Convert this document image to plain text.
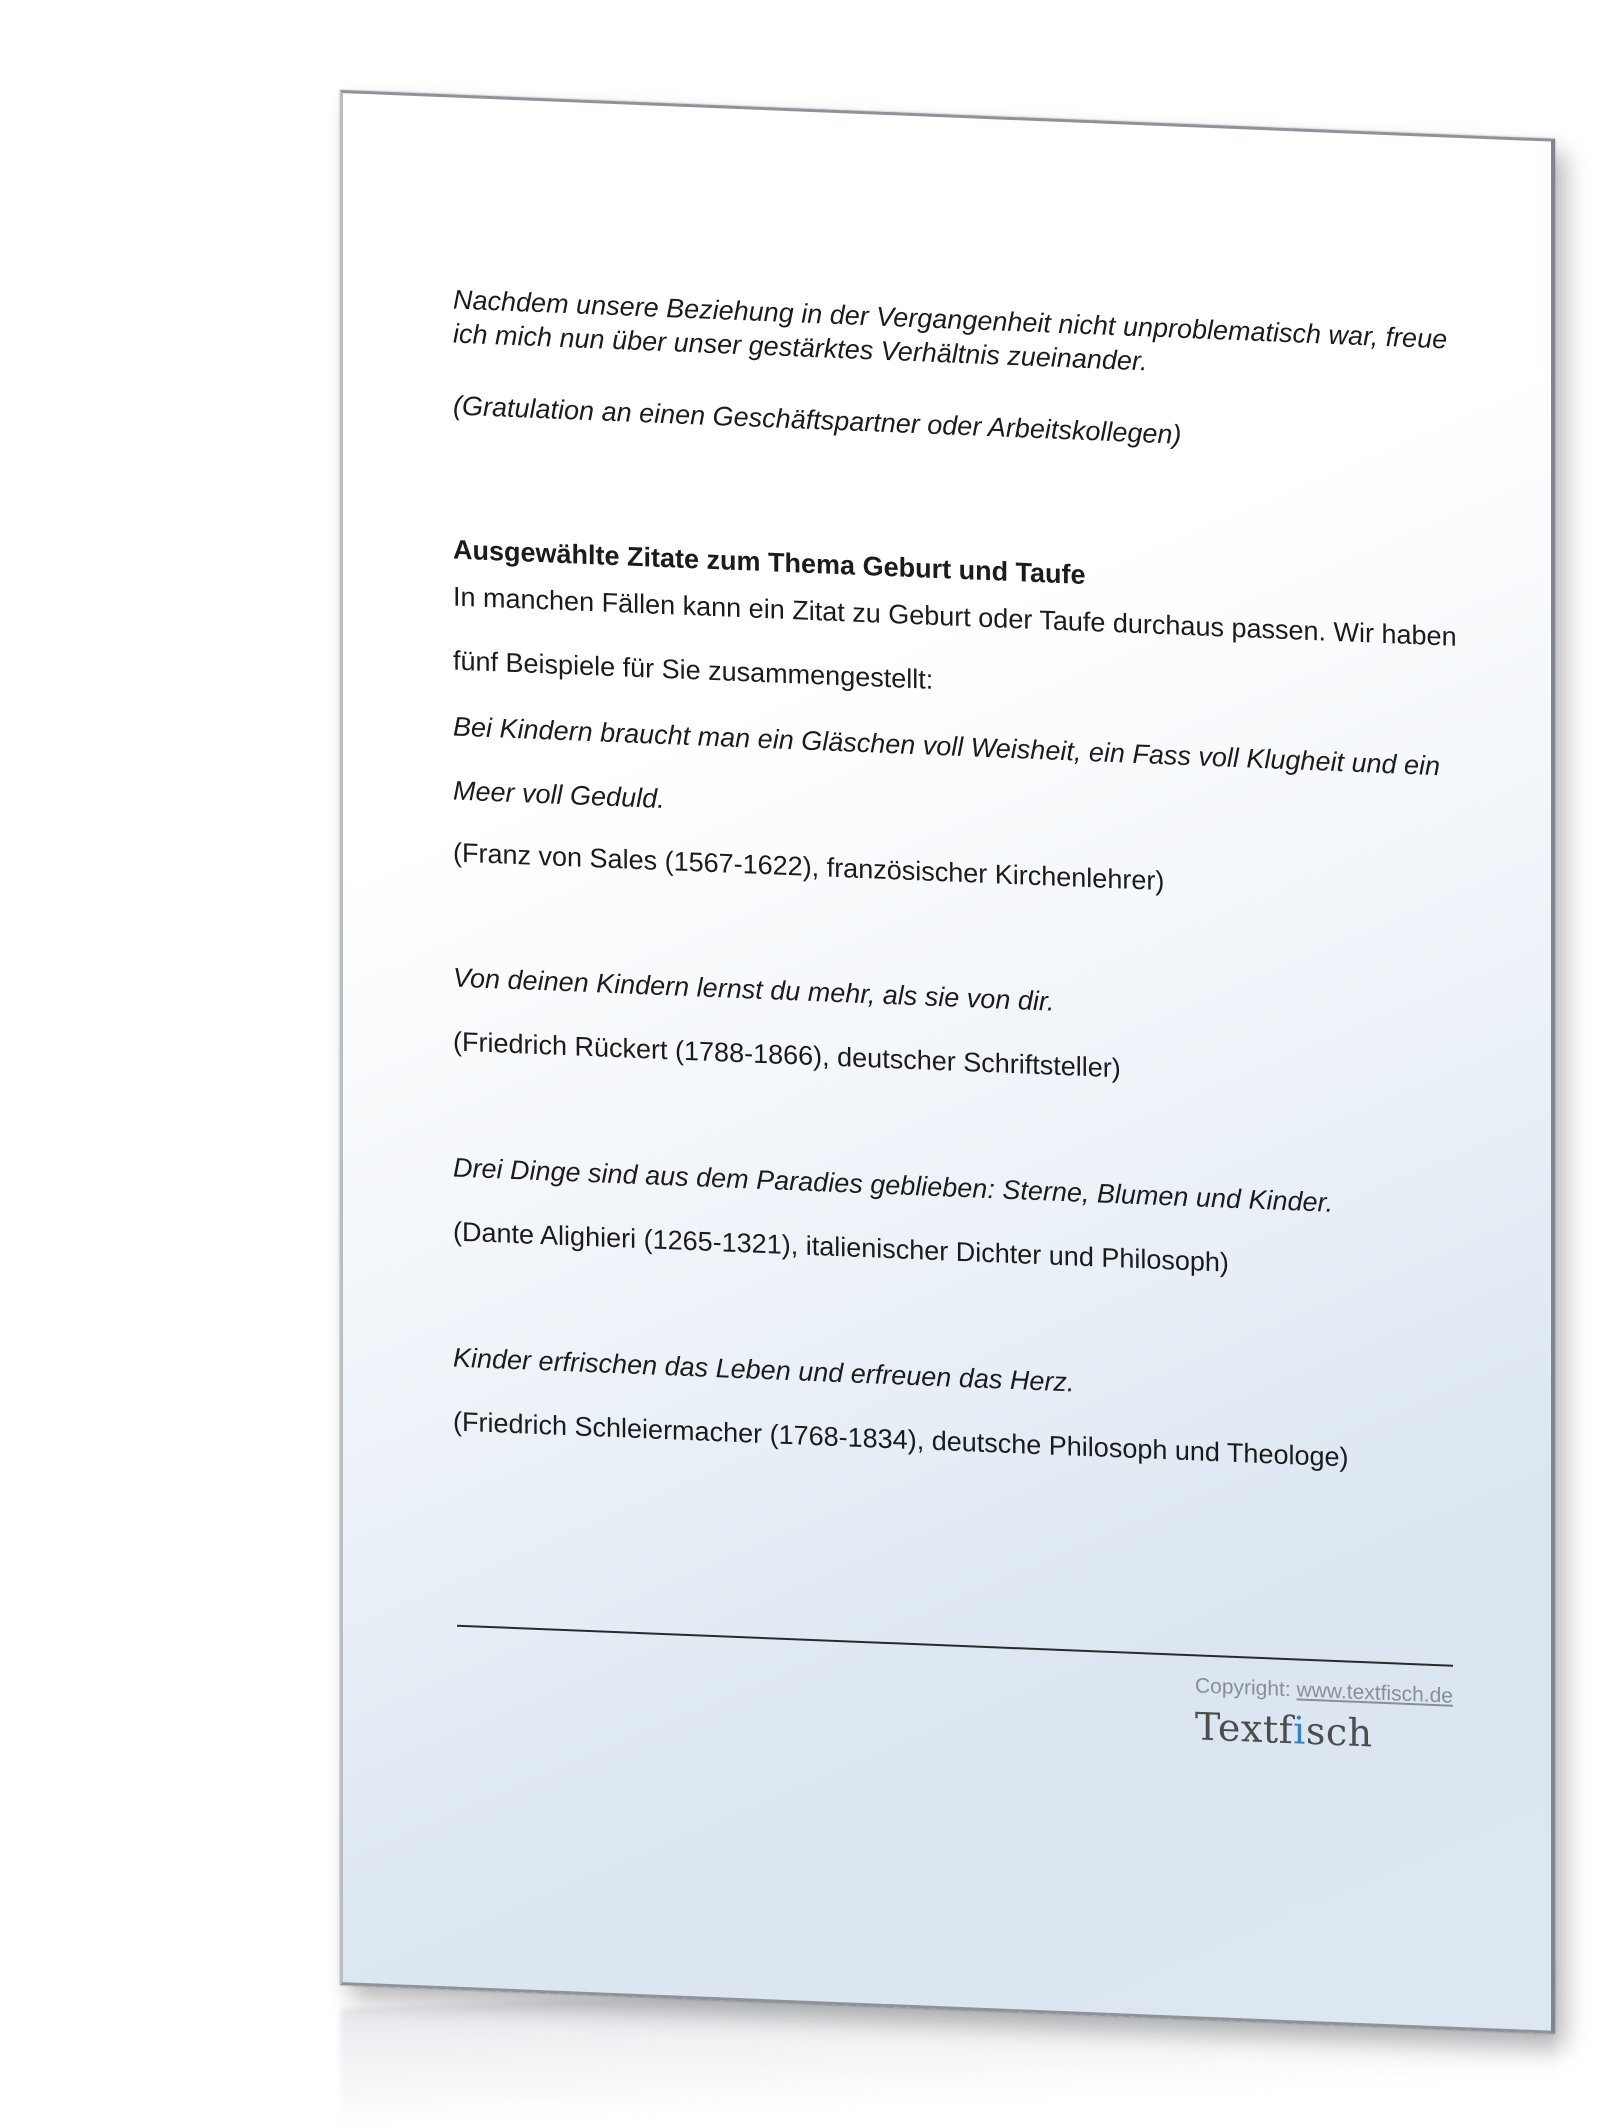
Nachdem unsere Beziehung in der Vergangenheit nicht unproblematisch war, freue ich mich nun über unser gestärktes Verhältnis zueinander.

(Gratulation an einen Geschäftspartner oder Arbeitskollegen)

Ausgewählte Zitate zum Thema Geburt und Taufe

In manchen Fällen kann ein Zitat zu Geburt oder Taufe durchaus passen. Wir haben fünf Beispiele für Sie zusammengestellt:

Bei Kindern braucht man ein Gläschen voll Weisheit, ein Fass voll Klugheit und ein Meer voll Geduld.

(Franz von Sales (1567-1622), französischer Kirchenlehrer)

Von deinen Kindern lernst du mehr, als sie von dir.

(Friedrich Rückert (1788-1866), deutscher Schriftsteller)

Drei Dinge sind aus dem Paradies geblieben: Sterne, Blumen und Kinder.

(Dante Alighieri (1265-1321), italienischer Dichter und Philosoph)

Kinder erfrischen das Leben und erfreuen das Herz.

(Friedrich Schleiermacher (1768-1834), deutsche Philosoph und Theologe)

Copyright: www.textfisch.de
Textfisch
